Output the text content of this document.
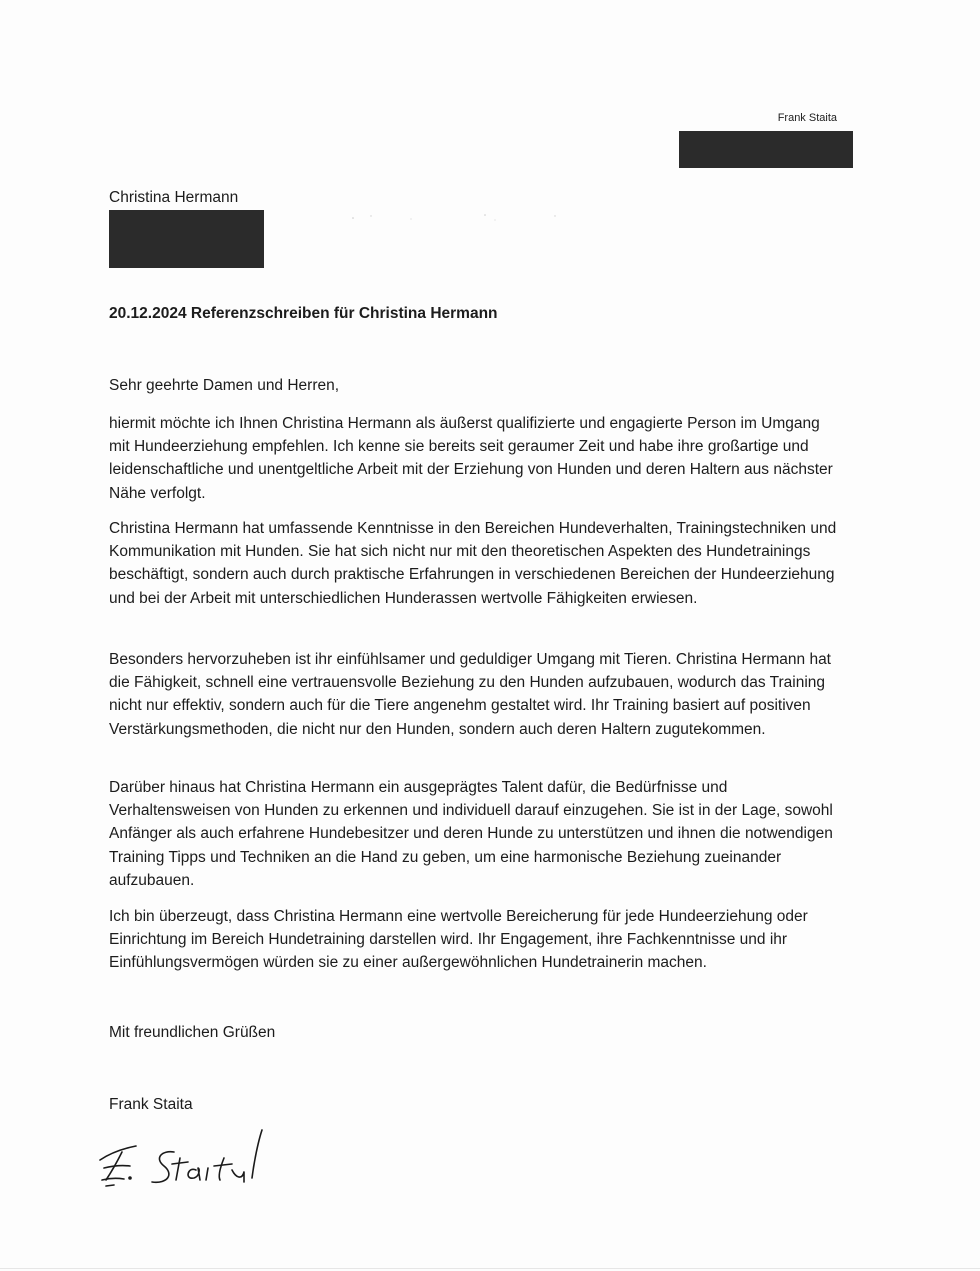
Frank Staita
Christina Hermann
20.12.2024 Referenzschreiben für Christina Hermann
Sehr geehrte Damen und Herren,

hiermit möchte ich Ihnen Christina Hermann als äußerst qualifizierte und engagierte Person im Umgang mit Hundeerziehung empfehlen. Ich kenne sie bereits seit geraumer Zeit und habe ihre großartige und leidenschaftliche und unentgeltliche Arbeit mit der Erziehung von Hunden und deren Haltern aus nächster Nähe verfolgt.

Christina Hermann hat umfassende Kenntnisse in den Bereichen Hundeverhalten, Trainingstechniken und Kommunikation mit Hunden. Sie hat sich nicht nur mit den theoretischen Aspekten des Hundetrainings beschäftigt, sondern auch durch praktische Erfahrungen in verschiedenen Bereichen der Hundeerziehung und bei der Arbeit mit unterschiedlichen Hunderassen wertvolle Fähigkeiten erwiesen.

Besonders hervorzuheben ist ihr einfühlsamer und geduldiger Umgang mit Tieren. Christina Hermann hat die Fähigkeit, schnell eine vertrauensvolle Beziehung zu den Hunden aufzubauen, wodurch das Training nicht nur effektiv, sondern auch für die Tiere angenehm gestaltet wird. Ihr Training basiert auf positiven Verstärkungsmethoden, die nicht nur den Hunden, sondern auch deren Haltern zugutekommen.

Darüber hinaus hat Christina Hermann ein ausgeprägtes Talent dafür, die Bedürfnisse und Verhaltensweisen von Hunden zu erkennen und individuell darauf einzugehen. Sie ist in der Lage, sowohl Anfänger als auch erfahrene Hundebesitzer und deren Hunde zu unterstützen und ihnen die notwendigen Training Tipps und Techniken an die Hand zu geben, um eine harmonische Beziehung zueinander aufzubauen.

Ich bin überzeugt, dass Christina Hermann eine wertvolle Bereicherung für jede Hundeerziehung oder Einrichtung im Bereich Hundetraining darstellen wird. Ihr Engagement, ihre Fachkenntnisse und ihr Einfühlungsvermögen würden sie zu einer außergewöhnlichen Hundetrainerin machen.

Mit freundlichen Grüßen
Frank Staita
